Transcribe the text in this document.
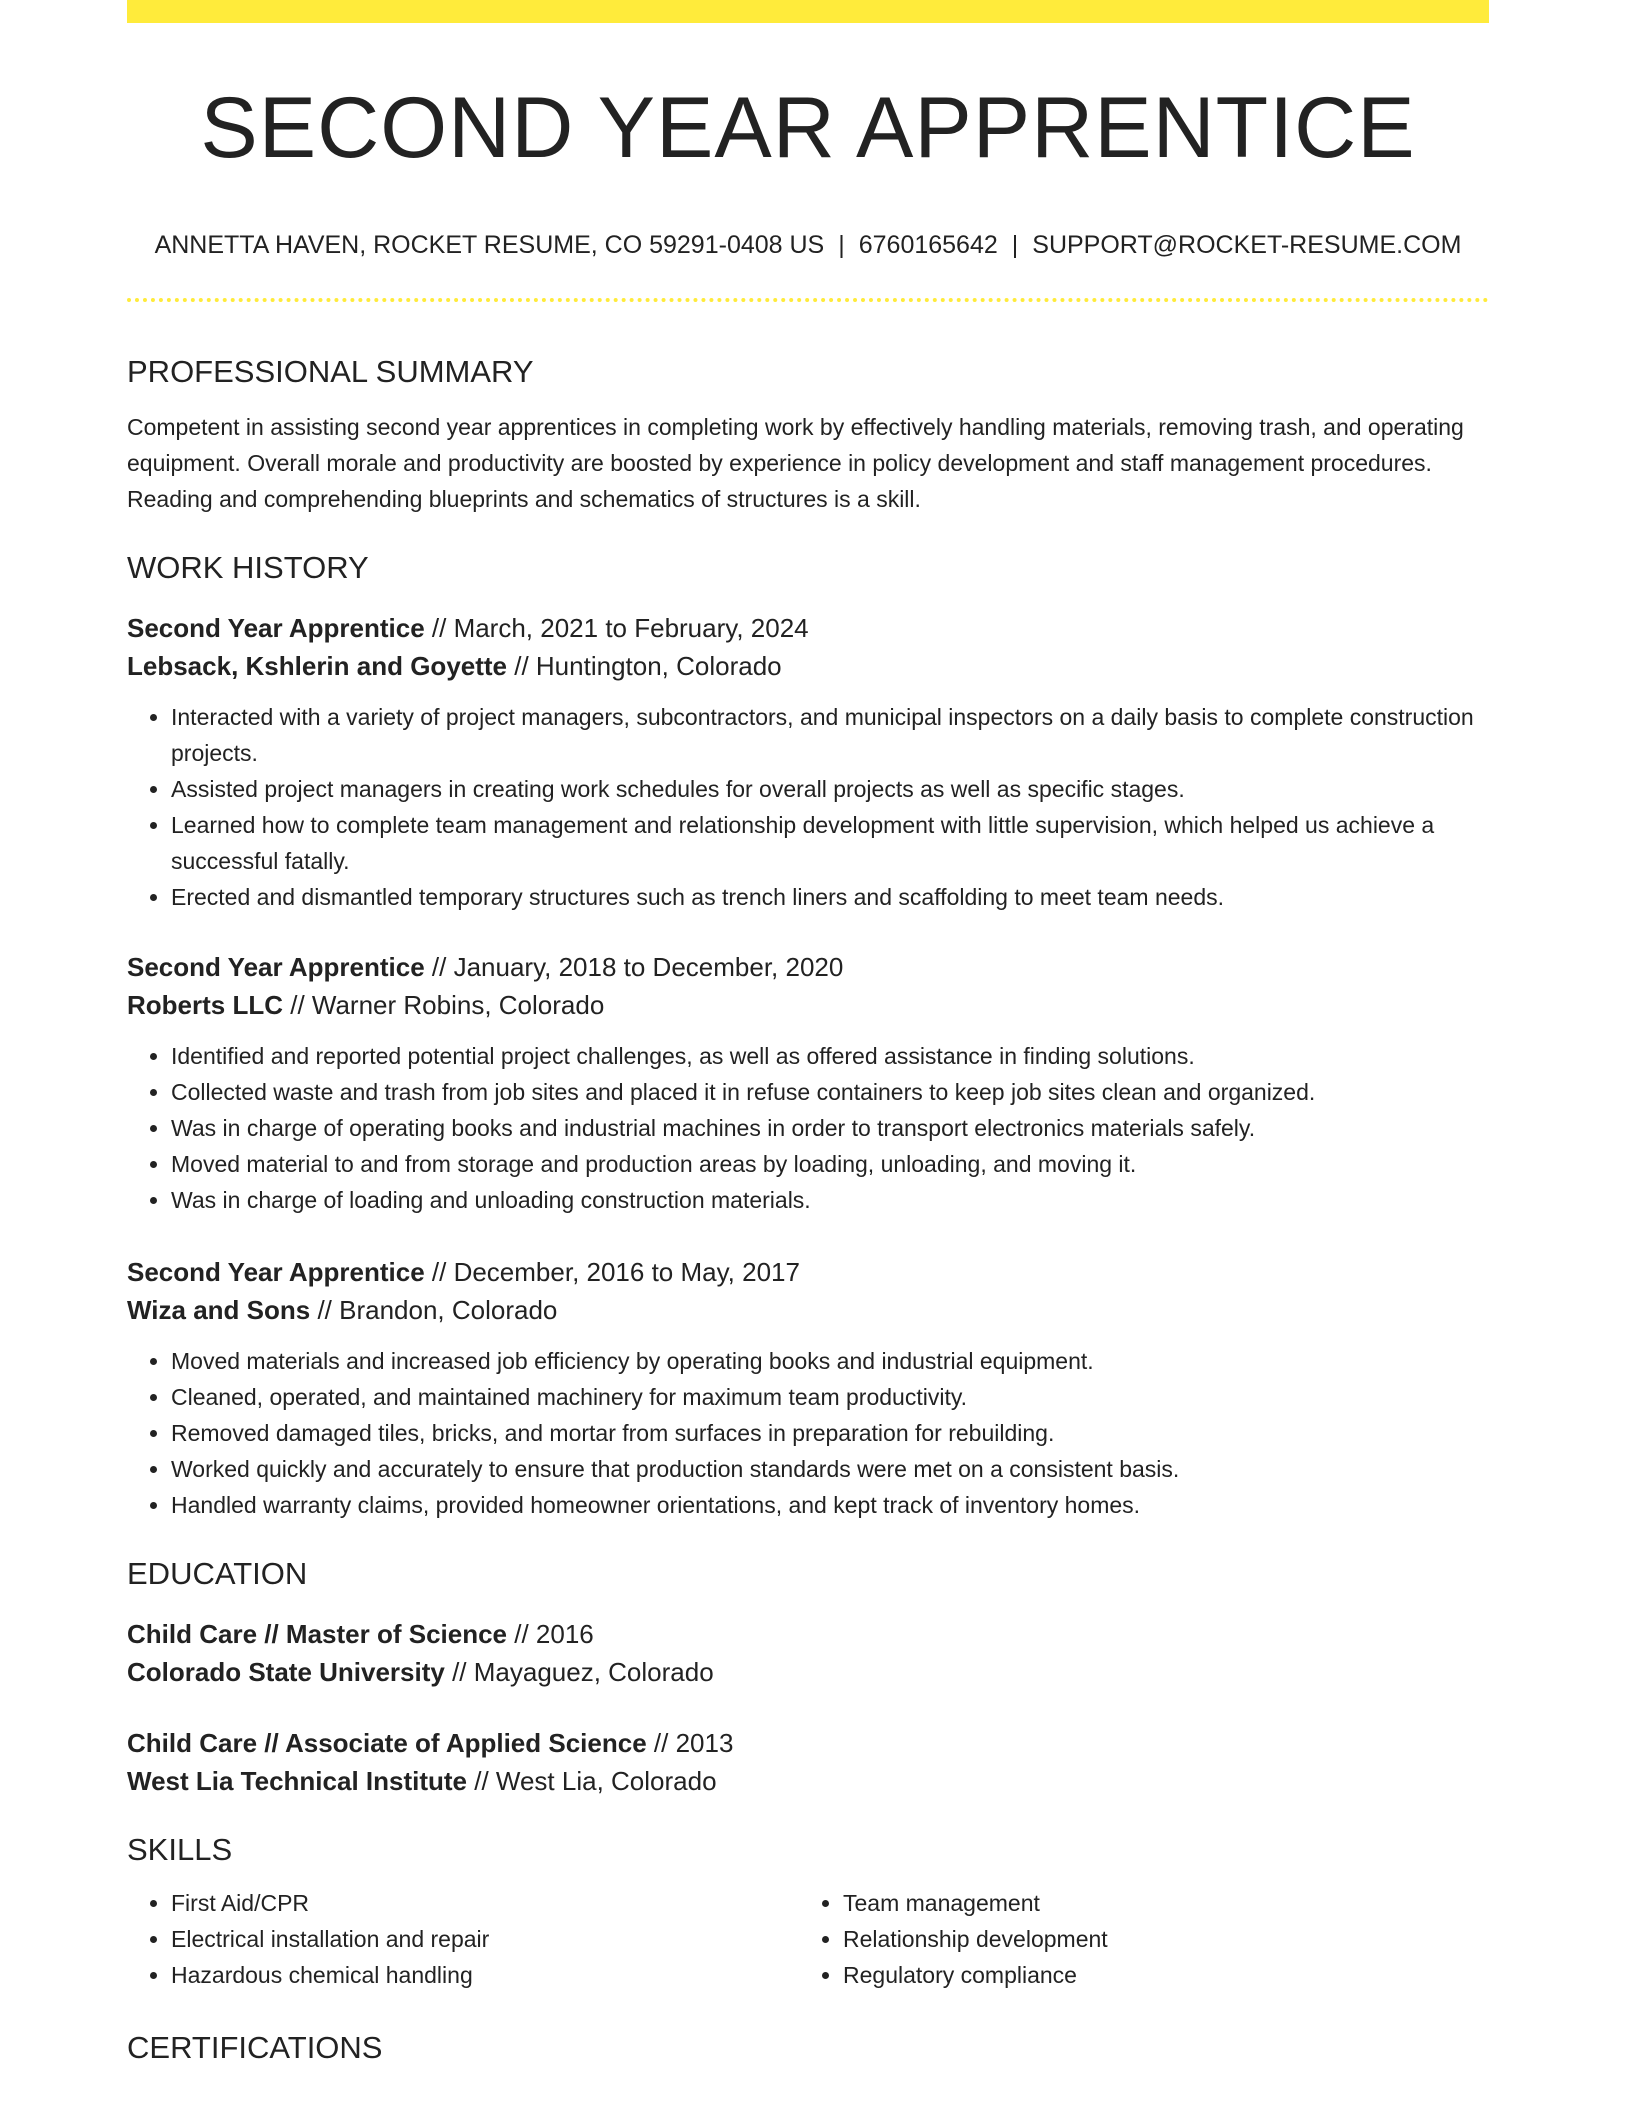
SECOND YEAR APPRENTICE
ANNETTA HAVEN, ROCKET RESUME, CO 59291-0408 US | 6760165642 | SUPPORT@ROCKET-RESUME.COM
PROFESSIONAL SUMMARY

Competent in assisting second year apprentices in completing work by effectively handling materials, removing trash, and operating equipment. Overall morale and productivity are boosted by experience in policy development and staff management procedures. Reading and comprehending blueprints and schematics of structures is a skill.

WORK HISTORY

Second Year Apprentice // March, 2021 to February, 2024

Lebsack, Kshlerin and Goyette // Huntington, Colorado

• Interacted with a variety of project managers, subcontractors, and municipal inspectors on a daily basis to complete construction projects.
• Assisted project managers in creating work schedules for overall projects as well as specific stages.
• Learned how to complete team management and relationship development with little supervision, which helped us achieve a successful fatally.
• Erected and dismantled temporary structures such as trench liners and scaffolding to meet team needs.

Second Year Apprentice // January, 2018 to December, 2020

Roberts LLC // Warner Robins, Colorado

• Identified and reported potential project challenges, as well as offered assistance in finding solutions.
• Collected waste and trash from job sites and placed it in refuse containers to keep job sites clean and organized.
• Was in charge of operating books and industrial machines in order to transport electronics materials safely.
• Moved material to and from storage and production areas by loading, unloading, and moving it.
• Was in charge of loading and unloading construction materials.

Second Year Apprentice // December, 2016 to May, 2017

Wiza and Sons // Brandon, Colorado

• Moved materials and increased job efficiency by operating books and industrial equipment.
• Cleaned, operated, and maintained machinery for maximum team productivity.
• Removed damaged tiles, bricks, and mortar from surfaces in preparation for rebuilding.
• Worked quickly and accurately to ensure that production standards were met on a consistent basis.
• Handled warranty claims, provided homeowner orientations, and kept track of inventory homes.
EDUCATION

Child Care // Master of Science // 2016

Colorado State University // Mayaguez, Colorado

Child Care // Associate of Applied Science // 2013

West Lia Technical Institute // West Lia, Colorado

SKILLS
• First Aid/CPR
• Electrical installation and repair
• Hazardous chemical handling
• Team management
• Relationship development
• Regulatory compliance
CERTIFICATIONS
